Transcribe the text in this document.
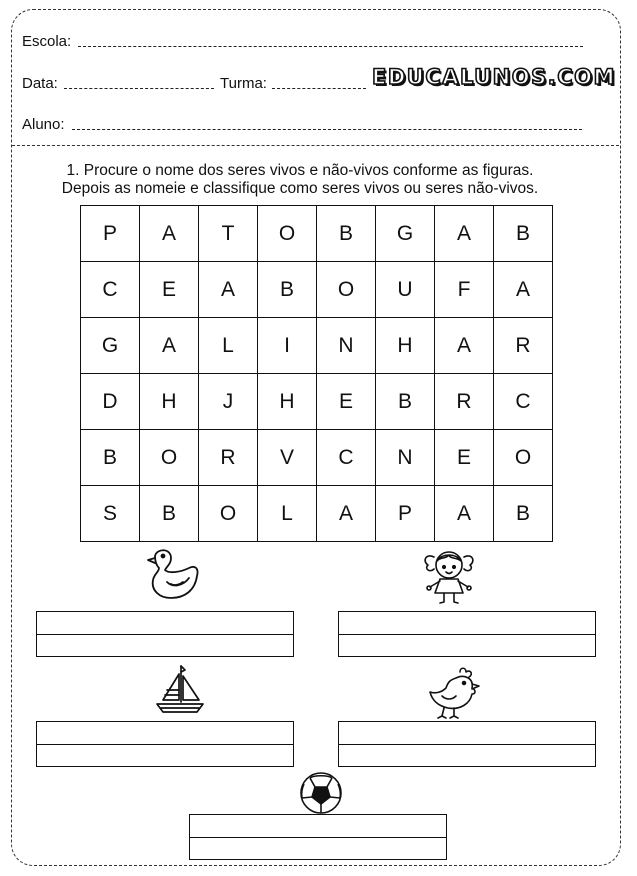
Escola:
Data:	Turma:	EDUCALUNOS.COM
Aluno:
1. Procure o nome dos seres vivos e não-vivos conforme as figuras.
Depois as nomeie e classifique como seres vivos ou seres não-vivos.
P	A	T	O	B	G	A	B
C	E	A	B	O	U	F	A
G	A	L	I	N	H	A	R
D	H	J	H	E	B	R	C
B	O	R	V	C	N	E	O
S	B	O	L	A	P	A	B
